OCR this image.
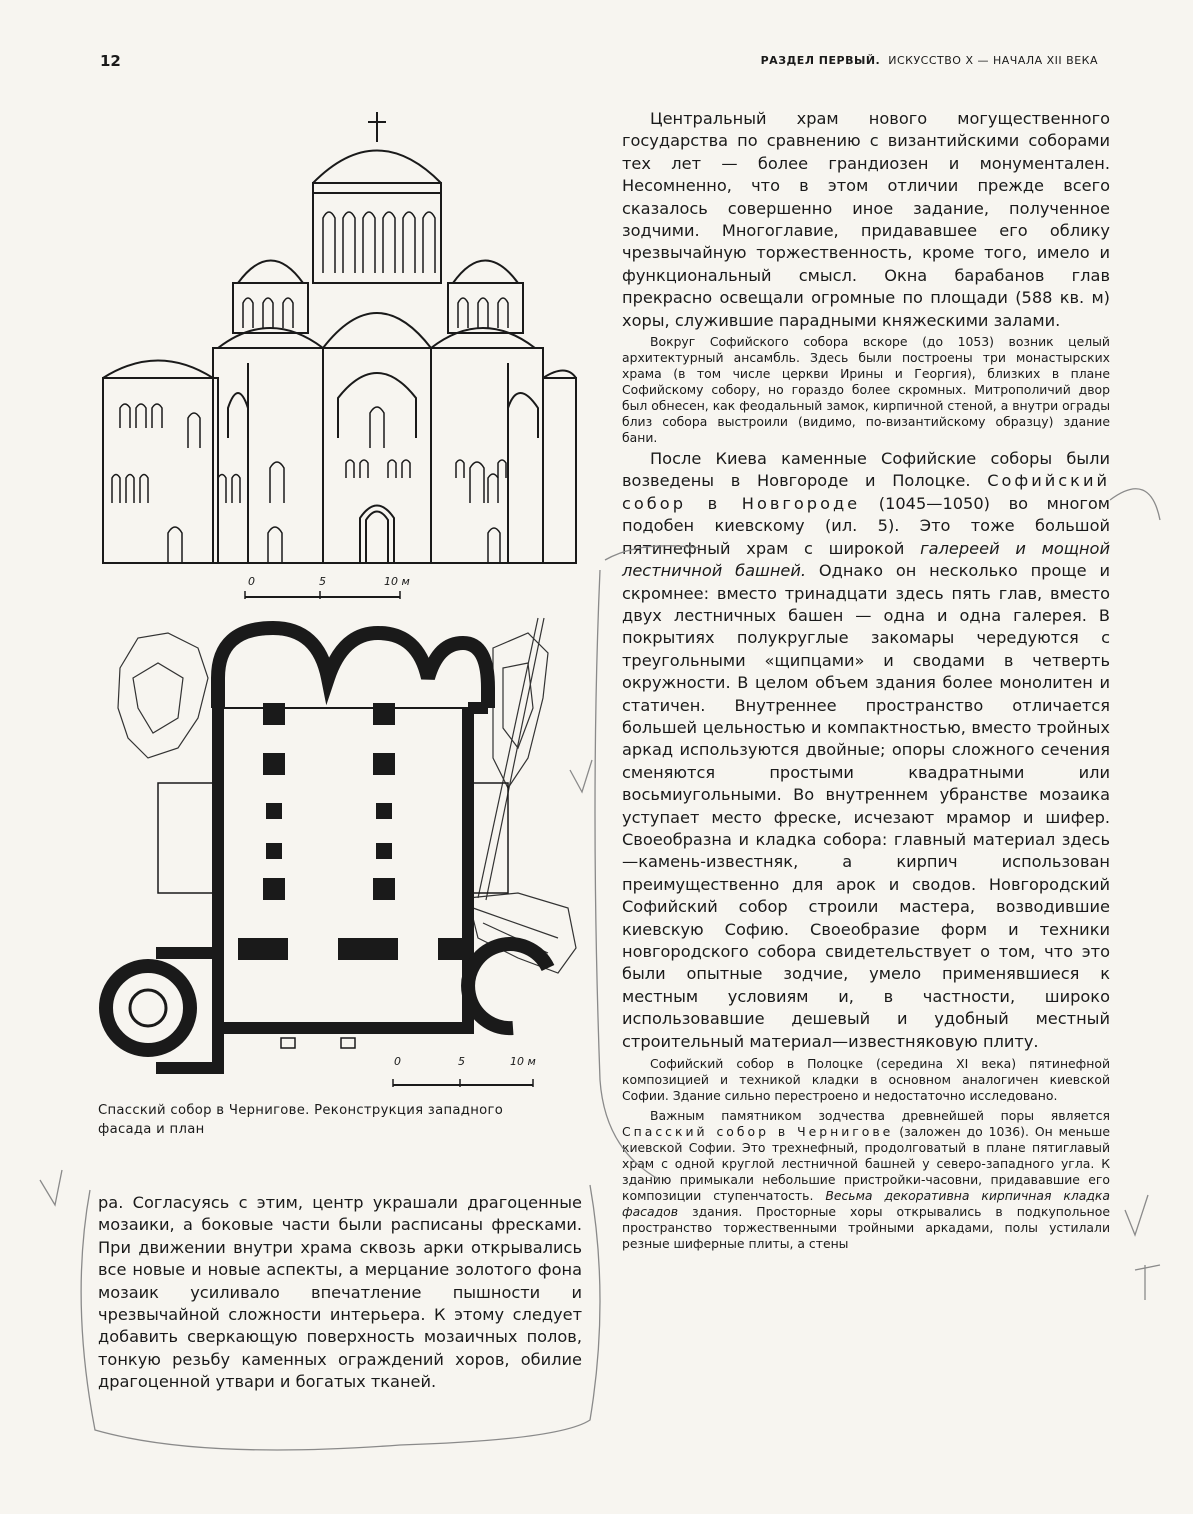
12	РАЗДЕЛ ПЕРВЫЙ. ИСКУССТВО X — НАЧАЛА XII ВЕКА
0	5	10 м
0	5	10 м
Спасский собор в Чернигове. Реконструкция западного
фасада и план

ра. Согласуясь с этим, центр украшали драгоценные мозаики, а боковые части были расписаны фресками. При движении внутри храма сквозь арки открывались все новые и новые аспекты, а мерцание золотого фона мозаик усиливало впечатление пышности и чрезвычайной сложности интерьера. К этому следует добавить сверкающую поверхность мозаичных полов, тонкую резьбу каменных ограждений хоров, обилие драгоценной утвари и богатых тканей.

Центральный храм нового могущественного государства по сравнению с византийскими соборами тех лет — более грандиозен и монументален. Несомненно, что в этом отличии прежде всего сказалось совершенно иное задание, полученное зодчими. Многоглавие, придававшее его облику чрезвычайную торжественность, кроме того, имело и функциональный смысл. Окна барабанов глав прекрасно освещали огромные по площади (588 кв. м) хоры, служившие парадными княжескими залами.

Вокруг Софийского собора вскоре (до 1053) возник целый архитектурный ансамбль. Здесь были построены три монастырских храма (в том числе церкви Ирины и Георгия), близких в плане Софийскому собору, но гораздо более скромных. Митрополичий двор был обнесен, как феодальный замок, кирпичной стеной, а внутри ограды близ собора выстроили (видимо, по-византийскому образцу) здание бани.

После Киева каменные Софийские соборы были возведены в Новгороде и Полоцке. Софийский собор в Новгороде (1045—1050) во многом подобен киевскому (ил. 5). Это тоже большой пятинефный храм с широкой галереей и мощной лестничной башней. Однако он несколько проще и скромнее: вместо тринадцати здесь пять глав, вместо двух лестничных башен — одна и одна галерея. В покрытиях полукруглые закомары чередуются с треугольными «щипцами» и сводами в четверть окружности. В целом объем здания более монолитен и статичен. Внутреннее пространство отличается большей цельностью и компактностью, вместо тройных аркад используются двойные; опоры сложного сечения сменяются простыми квадратными или восьмиугольными. Во внутреннем убранстве мозаика уступает место фреске, исчезают мрамор и шифер. Своеобразна и кладка собора: главный материал здесь—камень-известняк, а кирпич использован преимущественно для арок и сводов. Новгородский Софийский собор строили мастера, возводившие киевскую Софию. Своеобразие форм и техники новгородского собора свидетельствует о том, что это были опытные зодчие, умело применявшиеся к местным условиям и, в частности, широко использовавшие дешевый и удобный местный строительный материал—известняковую плиту.

Софийский собор в Полоцке (середина XI века) пятинефной композицией и техникой кладки в основном аналогичен киевской Софии. Здание сильно перестроено и недостаточно исследовано.

Важным памятником зодчества древнейшей поры является Спасский собор в Чернигове (заложен до 1036). Он меньше киевской Софии. Это трехнефный, продолговатый в плане пятиглавый храм с одной круглой лестничной башней у северо-западного угла. К зданию примыкали небольшие пристройки-часовни, придававшие его композиции ступенчатость. Весьма декоративна кирпичная кладка фасадов здания. Просторные хоры открывались в подкупольное пространство торжественными тройными аркадами, полы устилали резные шиферные плиты, а стены
